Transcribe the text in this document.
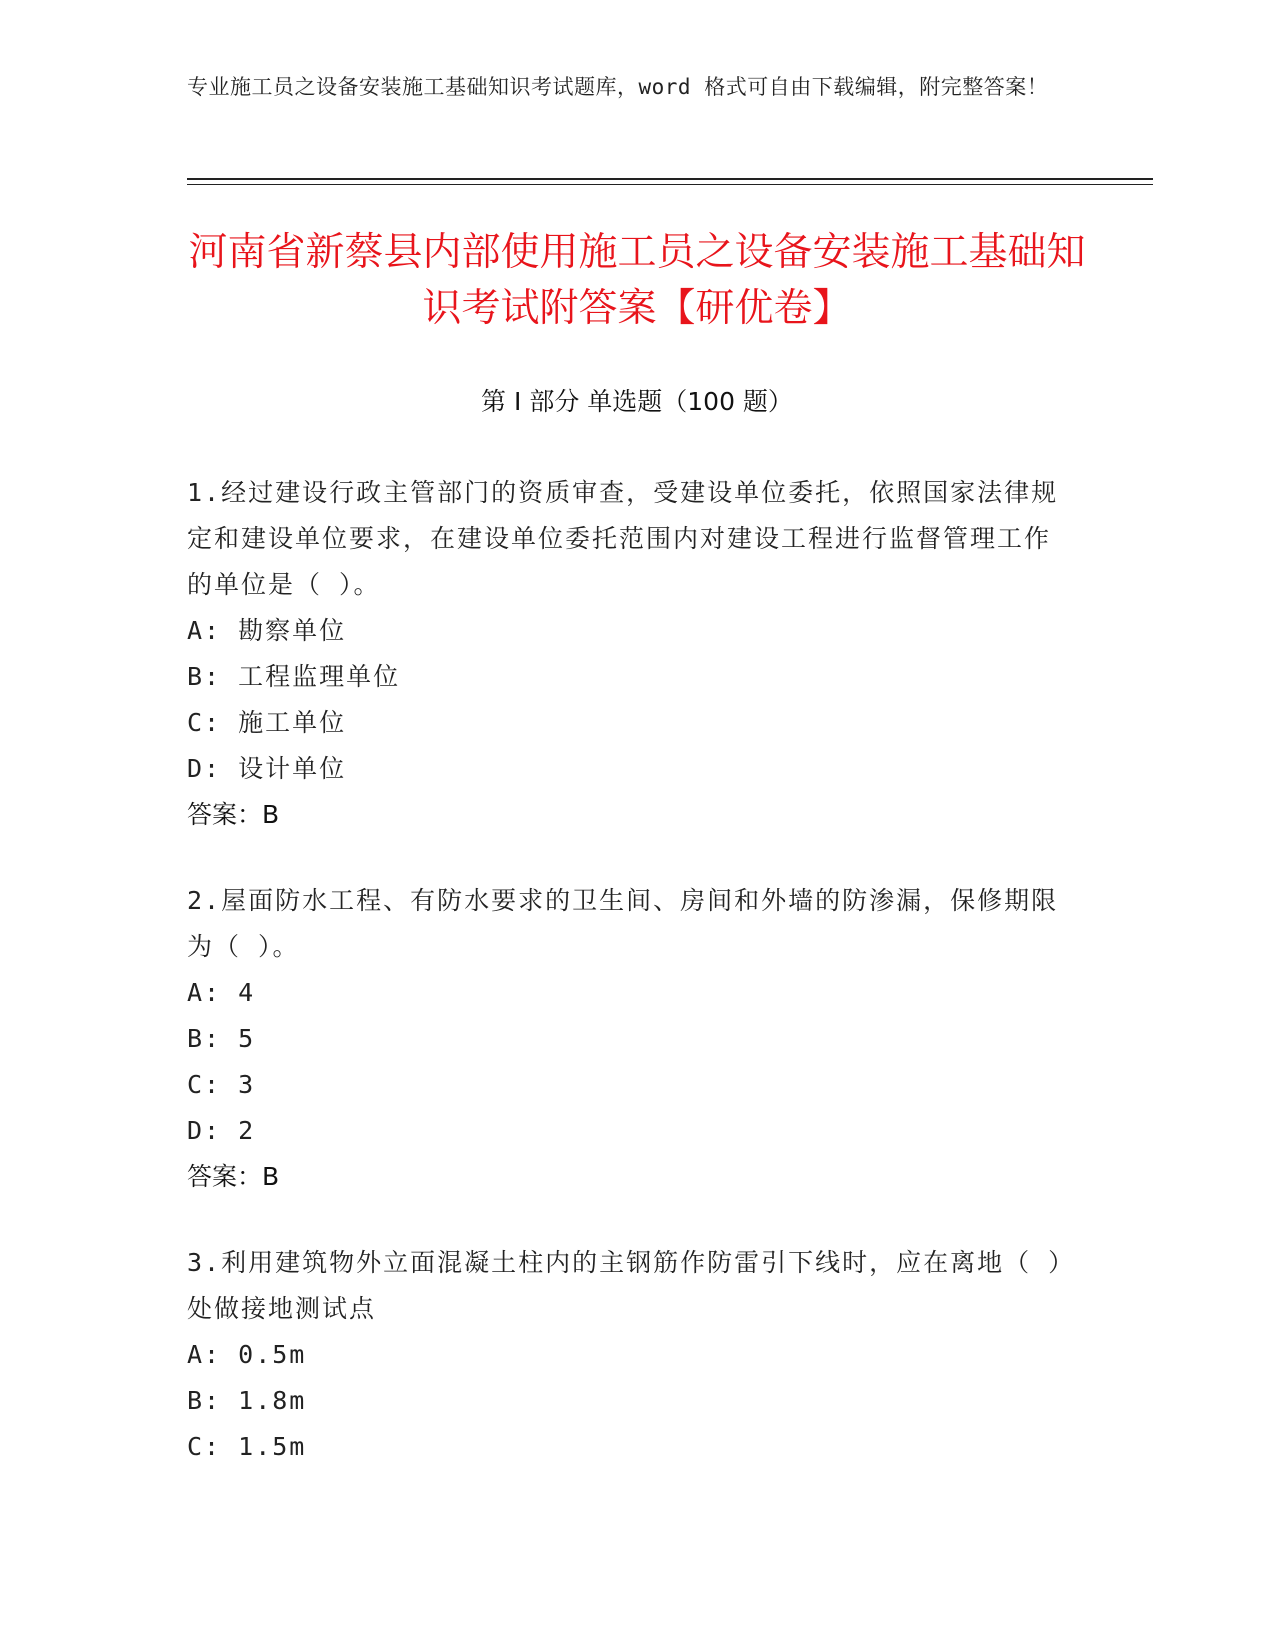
专业施工员之设备安装施工基础知识考试题库，word 格式可自由下载编辑，附完整答案！
河南省新蔡县内部使用施工员之设备安装施工基础知识考试附答案【研优卷】
第 I 部分 单选题（100 题）
1.经过建设行政主管部门的资质审查，受建设单位委托，依照国家法律规定和建设单位要求，在建设单位委托范围内对建设工程进行监督管理工作的单位是（ ）。
A: 勘察单位
B: 工程监理单位
C: 施工单位
D: 设计单位
答案：B
2.屋面防水工程、有防水要求的卫生间、房间和外墙的防渗漏，保修期限为（ ）。
A: 4
B: 5
C: 3
D: 2
答案：B
3.利用建筑物外立面混凝土柱内的主钢筋作防雷引下线时，应在离地（ ）处做接地测试点
A: 0.5m
B: 1.8m
C: 1.5m
